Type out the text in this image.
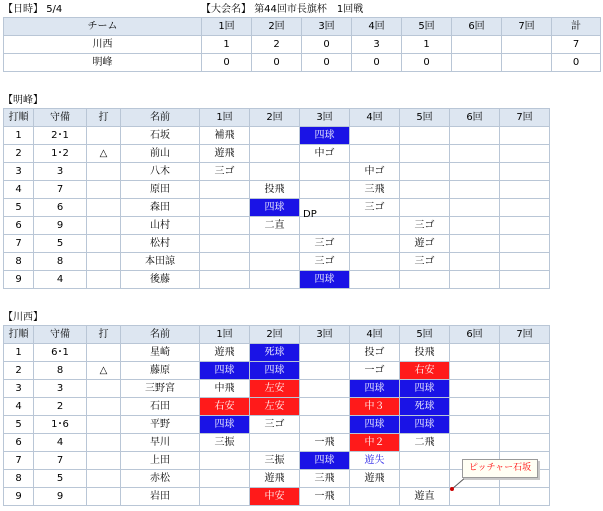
【日時】 5/4	【大会名】 第44回市長旗杯　1回戦
チーム	1回	2回	3回	4回	5回	6回	7回	計
川西	1	2	0	3	1			7
明峰	0	0	0	0	0			0
【明峰】
打順	守備	打	名前	1回	2回	3回	4回	5回	6回	7回
1	2･1		石坂	補飛		四球				
2	1･2	△	前山	遊飛		中ゴ				
3	3		八木	三ゴ			中ゴ			
4	7		原田		投飛		三飛			
5	6		森田		四球		三ゴ			
6	9		山村		二直			三ゴ		
7	5		松村			三ゴ		遊ゴ		
8	8		本田諒			三ゴ		三ゴ		
9	4		後藤			四球				
DP
【川西】
打順	守備	打	名前	1回	2回	3回	4回	5回	6回	7回
1	6･1		星崎	遊飛	死球		投ゴ	投飛		
2	8	△	藤原	四球	四球		一ゴ	右安		
3	3		三野宮	中飛	左安		四球	四球		
4	2		石田	右安	左安		中３	死球		
5	1･6		平野	四球	三ゴ		四球	四球		
6	4		早川	三振		一飛	中２	二飛		
7	7		上田		三振	四球	遊失			
8	5		赤松		遊飛	三飛	遊飛			
9	9		岩田		中安	一飛		遊直		
ピッチャー石坂
